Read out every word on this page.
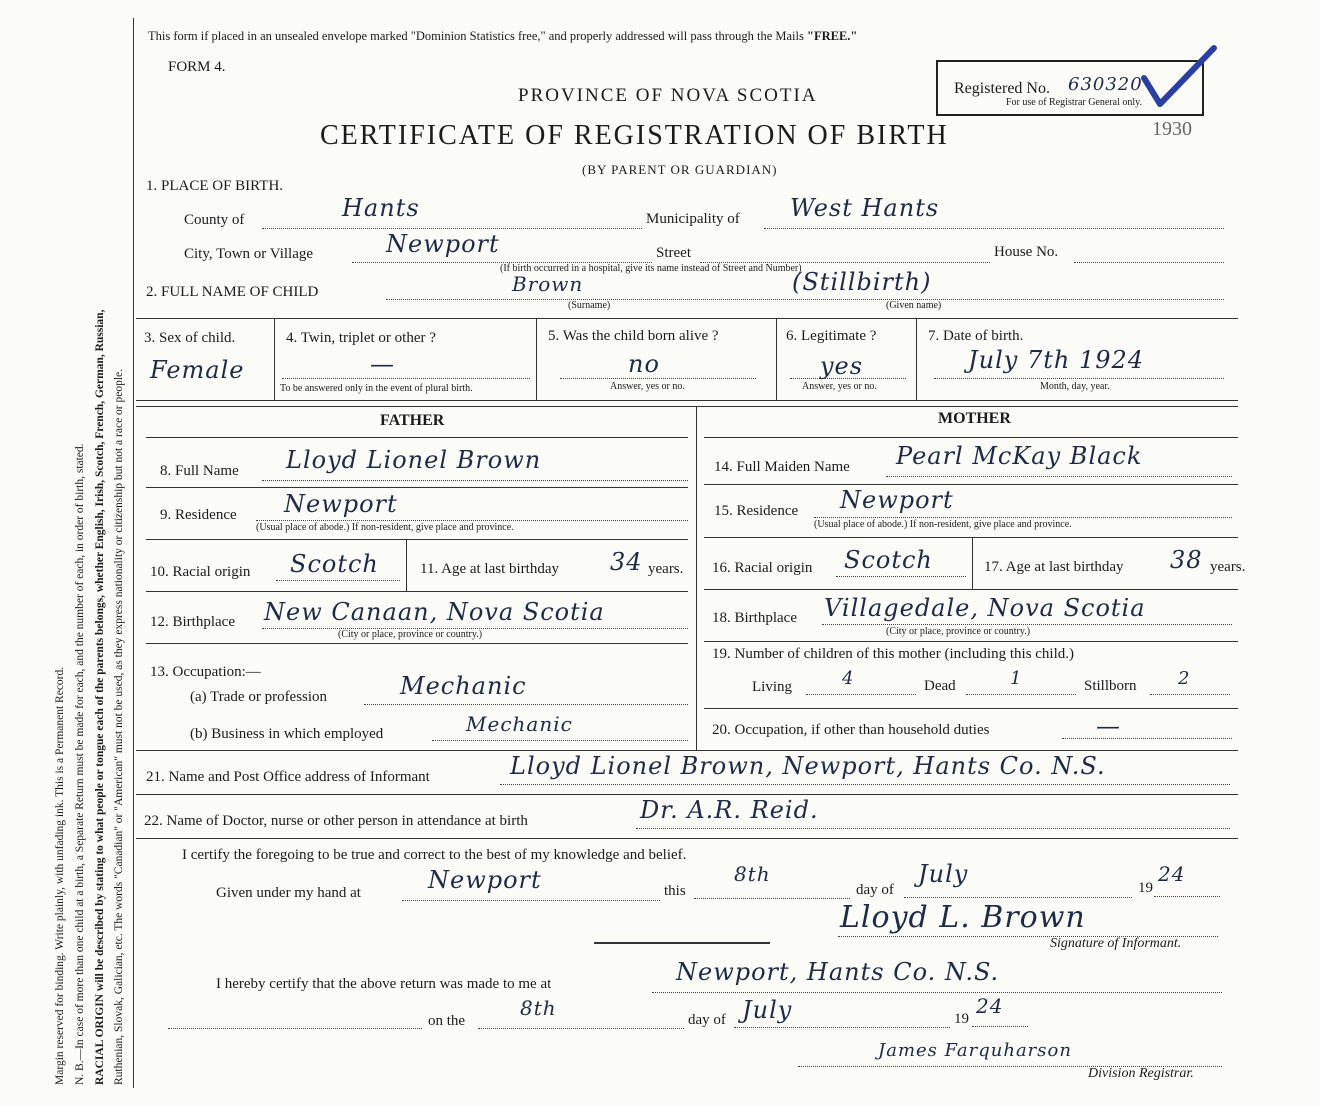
Margin reserved for binding. Write plainly, with unfading ink. This is a Permanent Record. N. B.—In case of more than one child at a birth, a Separate Return must be made for each, and the number of each, in order of birth, stated. RACIAL ORIGIN will be described by stating to what people or tongue each of the parents belongs, whether English, Irish, Scotch, French, German, Russian, Ruthenian, Slovak, Galician, etc. The words "Canadian" or "American" must not be used, as they express nationality or citizenship but not a race or people.
This form if placed in an unsealed envelope marked "Dominion Statistics free," and properly addressed will pass through the Mails "FREE."
FORM 4.
PROVINCE OF NOVA SCOTIA
CERTIFICATE OF REGISTRATION OF BIRTH
(BY PARENT OR GUARDIAN)
Registered No. 630320
For use of Registrar General only.
1930
1. PLACE OF BIRTH.
County of	Hants	Municipality of West Hants
City, Town or Village	Newport	Street	House No.
(If birth occurred in a hospital, give its name instead of Street and Number)
2. FULL NAME OF CHILD	Brown
(Surname)
(Stillbirth)
(Given name)
3. Sex of child.
Female
4. Twin, triplet or other ?
—
To be answered only in the event of plural birth.
5. Was the child born alive ?
no
Answer, yes or no.
6. Legitimate ?
yes
Answer, yes or no.
7. Date of birth.
July 7th 1924
Month, day, year.
FATHER	MOTHER
8. Full Name Lloyd Lionel Brown
9. Residence Newport
(Usual place of abode.) If non-resident, give place and province.
10. Racial origin Scotch	11. Age at last birthday 34 years.
12. Birthplace New Canaan, Nova Scotia
(City or place, province or country.)
13. Occupation:—
(a) Trade or profession	Mechanic
(b) Business in which employed	Mechanic
14. Full Maiden Name Pearl McKay Black
15. Residence Newport
(Usual place of abode.) If non-resident, give place and province.
16. Racial origin Scotch	17. Age at last birthday 38 years.
18. Birthplace Villagedale, Nova Scotia
(City or place, province or country.)
19. Number of children of this mother (including this child.)
Living	4	Dead	1	Stillborn 2
20. Occupation, if other than household duties	—
21. Name and Post Office address of Informant	Lloyd Lionel Brown, Newport, Hants Co. N.S.
22. Name of Doctor, nurse or other person in attendance at birth	Dr. A.R. Reid.
I certify the foregoing to be true and correct to the best of my knowledge and belief.
Given under my hand at	Newport	this
8th
day of
July	19
24
Lloyd L. Brown
Signature of Informant.
I hereby certify that the above return was made to me at	Newport, Hants Co. N.S.
on the
8th	day of July	19
24
James Farquharson
Division Registrar.
